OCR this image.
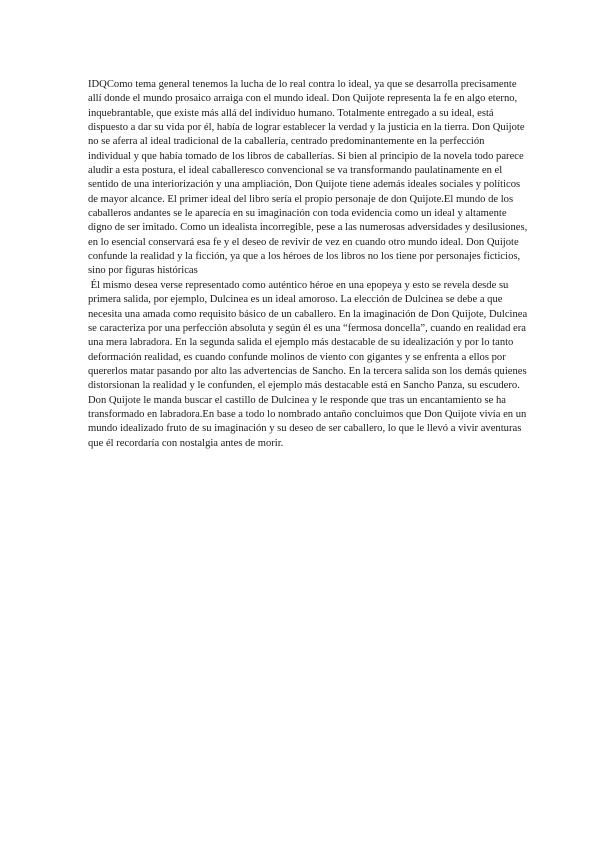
IDQComo tema general tenemos la lucha de lo real contra lo ideal, ya que se desarrolla precisamente allí donde el mundo prosaico arraiga con el mundo ideal. Don Quijote representa la fe en algo eterno, inquebrantable, que existe más allá del individuo humano. Totalmente entregado a su ideal, está dispuesto a dar su vida por él, había de lograr establecer la verdad y la justicia en la tierra. Don Quijote no se aferra al ideal tradicional de la caballería, centrado predominantemente en la perfección individual y que había tomado de los libros de caballerías. Si bien al principio de la novela todo parece aludir a esta postura, el ideal caballeresco convencional se va transformando paulatinamente en el sentido de una interiorización y una ampliación, Don Quijote tiene además ideales sociales y políticos de mayor alcance. El primer ideal del libro sería el propio personaje de don Quijote.El mundo de los caballeros andantes se le aparecía en su imaginación con toda evidencia como un ideal y altamente digno de ser imitado. Como un idealista incorregible, pese a las numerosas adversidades y desilusiones, en lo esencial conservará esa fe y el deseo de revivir de vez en cuando otro mundo ideal. Don Quijote confunde la realidad y la ficción, ya que a los héroes de los libros no los tiene por personajes ficticios, sino por figuras históricas

Él mismo desea verse representado como auténtico héroe en una epopeya y esto se revela desde su primera salida, por ejemplo, Dulcinea es un ideal amoroso. La elección de Dulcinea se debe a que necesita una amada como requisito básico de un caballero. En la imaginación de Don Quijote, Dulcinea se caracteriza por una perfección absoluta y según él es una “fermosa doncella”, cuando en realidad era una mera labradora. En la segunda salida el ejemplo más destacable de su idealización y por lo tanto deformación realidad, es cuando confunde molinos de viento con gigantes y se enfrenta a ellos por quererlos matar pasando por alto las advertencias de Sancho. En la tercera salida son los demás quienes distorsionan la realidad y le confunden, el ejemplo más destacable está en Sancho Panza, su escudero. Don Quijote le manda buscar el castillo de Dulcinea y le responde que tras un encantamiento se ha transformado en labradora.En base a todo lo nombrado antaño concluimos que Don Quijote vivía en un mundo idealizado fruto de su imaginación y su deseo de ser caballero, lo que le llevó a vivir aventuras que él recordaría con nostalgia antes de morir.
